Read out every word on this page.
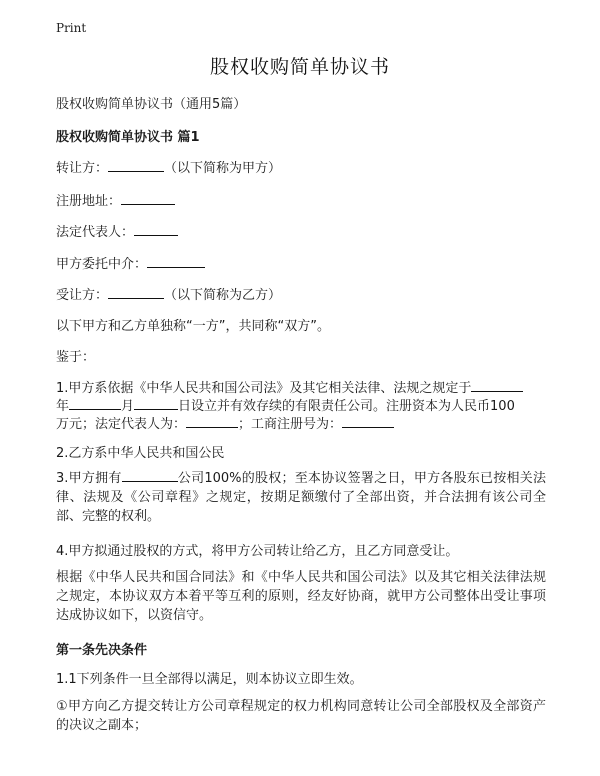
Print
股权收购简单协议书
股权收购简单协议书（通用5篇）
股权收购简单协议书 篇1
转让方：	（以下简称为甲方）
注册地址：
法定代表人：
甲方委托中介：
受让方：	（以下简称为乙方）
以下甲方和乙方单独称“一方”，共同称“双方”。
鉴于：
1.甲方系依据《中华人民共和国公司法》及其它相关法律、法规之规定于
年	月	日设立并有效存续的有限责任公司。注册资本为人民币100
万元；法定代表人为：	；工商注册号为：
2.乙方系中华人民共和国公民

3.甲方拥有	公司100%的股权；至本协议签署之日，甲方各股东已按相关法律、法规及《公司章程》之规定，按期足额缴付了全部出资，并合法拥有该公司全部、完整的权利。

4.甲方拟通过股权的方式，将甲方公司转让给乙方，且乙方同意受让。

根据《中华人民共和国合同法》和《中华人民共和国公司法》以及其它相关法律法规之规定，本协议双方本着平等互利的原则，经友好协商，就甲方公司整体出受让事项达成协议如下，以资信守。

第一条先决条件
1.1下列条件一旦全部得以满足，则本协议立即生效。

①甲方向乙方提交转让方公司章程规定的权力机构同意转让公司全部股权及全部资产的决议之副本；
